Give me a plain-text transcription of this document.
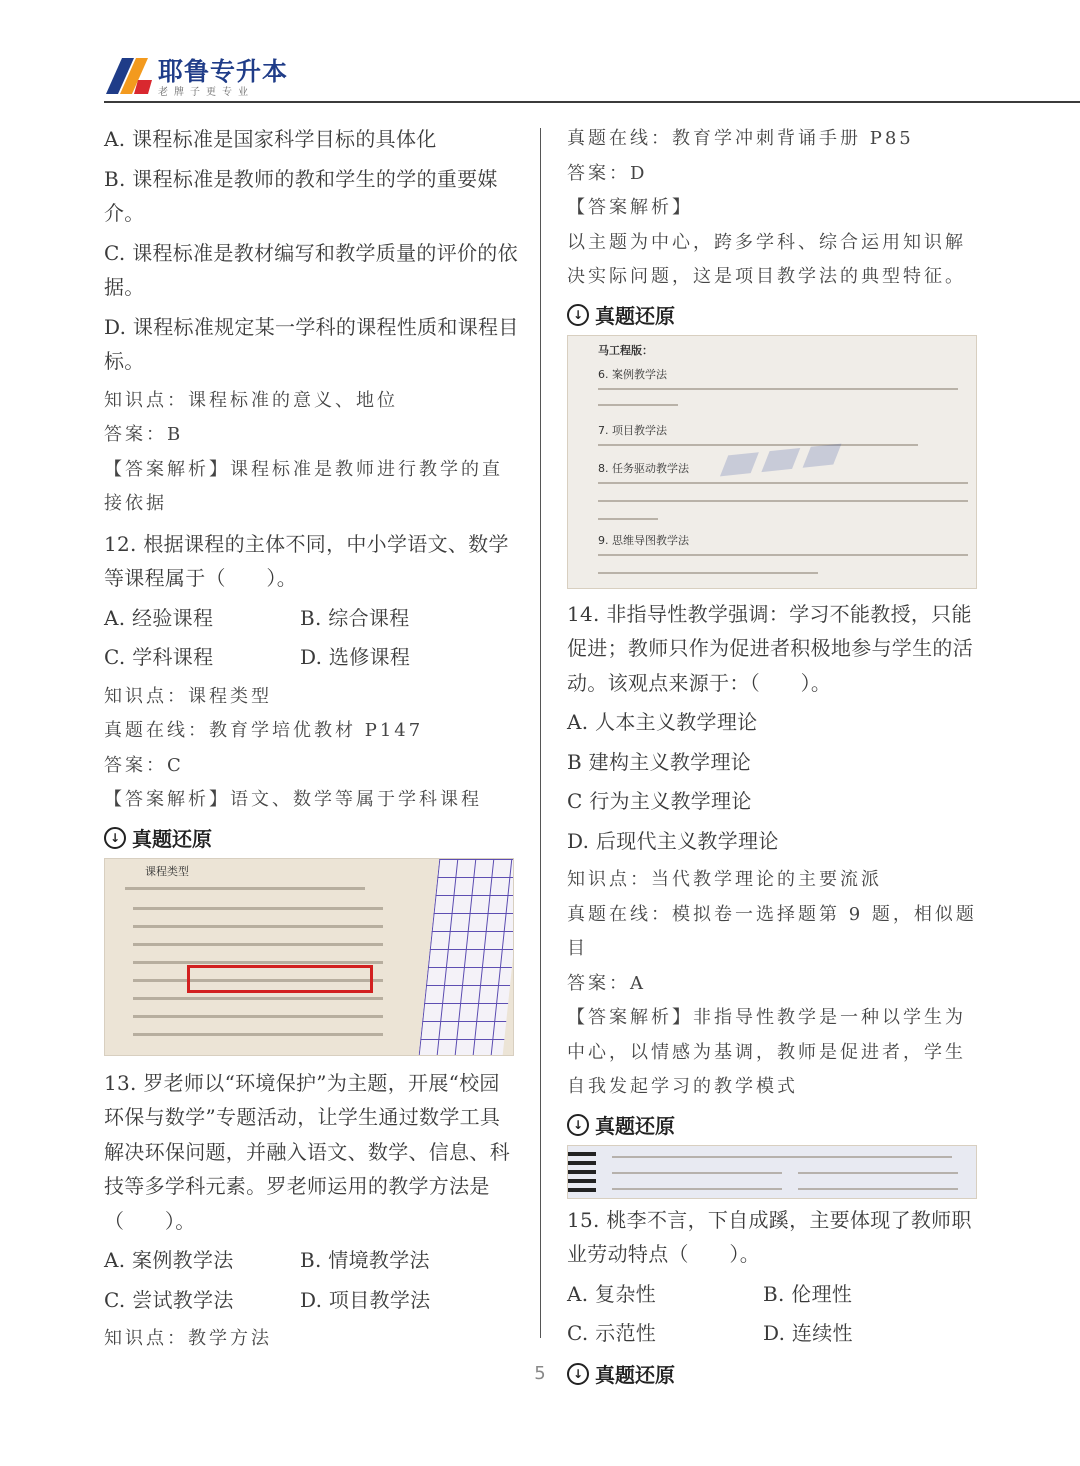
耶鲁专升本
老牌子更专业

A. 课程标准是国家科学目标的具体化

B. 课程标准是教师的教和学生的学的重要媒介。

C. 课程标准是教材编写和教学质量的评价的依据。

D. 课程标准规定某一学科的课程性质和课程目标。

知识点：课程标准的意义、地位

答案：B

【答案解析】课程标准是教师进行教学的直接依据

12. 根据课程的主体不同，中小学语文、数学等课程属于（　　）。

A. 经验课程	B. 综合课程

C. 学科课程	D. 选修课程

知识点：课程类型

真题在线：教育学培优教材 P147

答案：C

【答案解析】语文、数学等属于学科课程

↓ 真题还原
课程类型

13. 罗老师以“环境保护”为主题，开展“校园环保与数学”专题活动，让学生通过数学工具解决环保问题，并融入语文、数学、信息、科技等多学科元素。罗老师运用的教学方法是（　　）。

A. 案例教学法	B. 情境教学法

C. 尝试教学法	D. 项目教学法

知识点：教学方法

真题在线：教育学冲刺背诵手册 P85

答案：D

【答案解析】

以主题为中心，跨多学科、综合运用知识解决实际问题，这是项目教学法的典型特征。

↓ 真题还原
马工程版：
6. 案例教学法
7. 项目教学法
8. 任务驱动教学法
9. 思维导图教学法
▰▰▰

14. 非指导性教学强调：学习不能教授，只能促进；教师只作为促进者积极地参与学生的活动。该观点来源于：（　　）。

A. 人本主义教学理论

B 建构主义教学理论

C 行为主义教学理论

D. 后现代主义教学理论

知识点：当代教学理论的主要流派

真题在线：模拟卷一选择题第 9 题，相似题目

答案：A

【答案解析】非指导性教学是一种以学生为中心，以情感为基调，教师是促进者，学生自我发起学习的教学模式

↓ 真题还原

15. 桃李不言，下自成蹊，主要体现了教师职业劳动特点（　　）。

A. 复杂性	B. 伦理性

C. 示范性	D. 连续性

↓ 真题还原
5
